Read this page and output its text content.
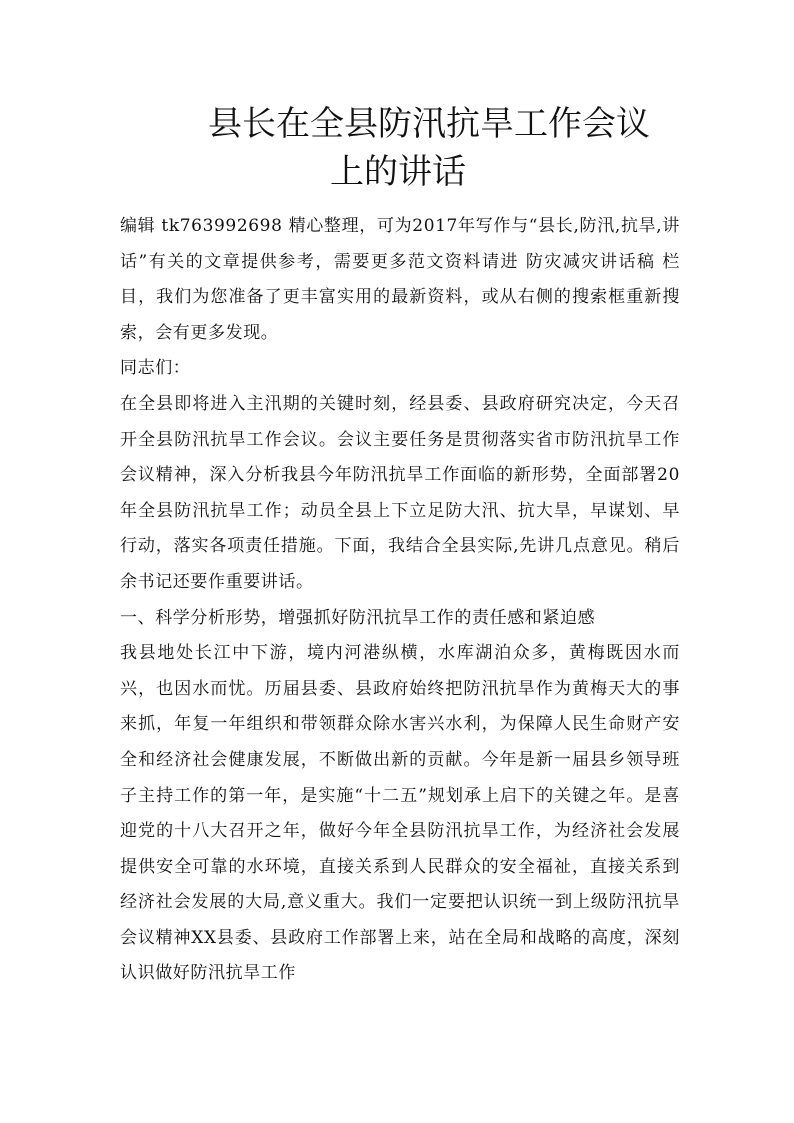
县长在全县防汛抗旱工作会议
上的讲话

编辑 tk763992698 精心整理，可为2017年写作与“县长,防汛,抗旱,讲话”有关的文章提供参考，需要更多范文资料请进 防灾减灾讲话稿 栏目，我们为您准备了更丰富实用的最新资料，或从右侧的搜索框重新搜索，会有更多发现。

同志们：

在全县即将进入主汛期的关键时刻，经县委、县政府研究决定，今天召开全县防汛抗旱工作会议。会议主要任务是贯彻落实省市防汛抗旱工作会议精神，深入分析我县今年防汛抗旱工作面临的新形势，全面部署20年全县防汛抗旱工作；动员全县上下立足防大汛、抗大旱，早谋划、早行动，落实各项责任措施。下面，我结合全县实际,先讲几点意见。稍后余书记还要作重要讲话。

一、科学分析形势，增强抓好防汛抗旱工作的责任感和紧迫感

我县地处长江中下游，境内河港纵横，水库湖泊众多，黄梅既因水而兴，也因水而忧。历届县委、县政府始终把防汛抗旱作为黄梅天大的事来抓，年复一年组织和带领群众除水害兴水利，为保障人民生命财产安全和经济社会健康发展，不断做出新的贡献。今年是新一届县乡领导班子主持工作的第一年，是实施“十二五”规划承上启下的关键之年。是喜迎党的十八大召开之年，做好今年全县防汛抗旱工作，为经济社会发展提供安全可靠的水环境，直接关系到人民群众的安全福祉，直接关系到经济社会发展的大局,意义重大。我们一定要把认识统一到上级防汛抗旱会议精神XX县委、县政府工作部署上来，站在全局和战略的高度，深刻认识做好防汛抗旱工作
